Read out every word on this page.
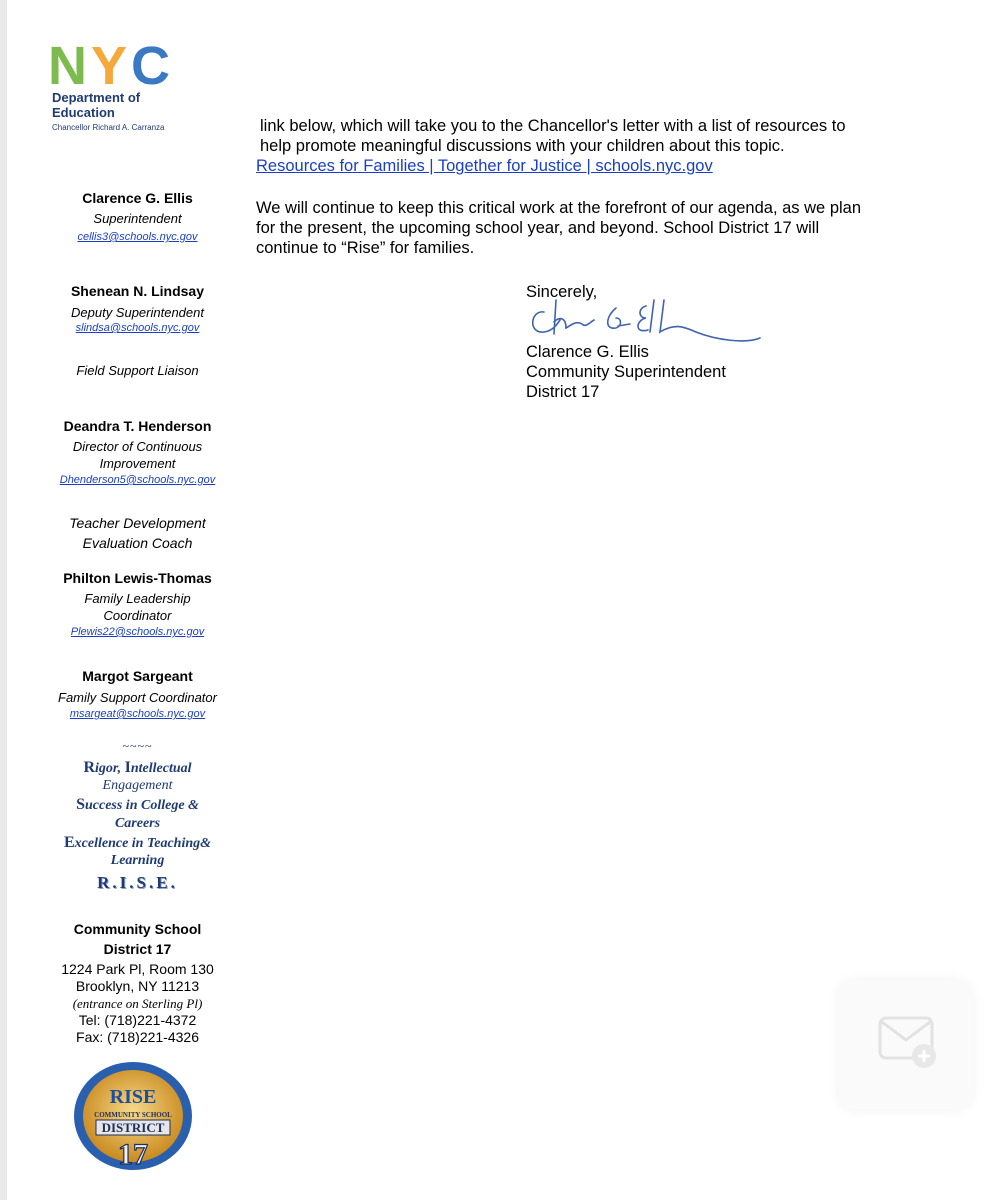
N Y C
Department of
Education
Chancellor Richard A. Carranza
Clarence G. Ellis
Superintendent
cellis3@schools.nyc.gov
Shenean N. Lindsay
Deputy Superintendent
slindsa@schools.nyc.gov
Field Support Liaison
Deandra T. Henderson
Director of Continuous
Improvement
Dhenderson5@schools.nyc.gov
Teacher Development
Evaluation Coach
Philton Lewis-Thomas
Family Leadership
Coordinator
Plewis22@schools.nyc.gov
Margot Sargeant
Family Support Coordinator
msargeat@schools.nyc.gov
~~~~
Rigor, Intellectual
Engagement
Success in College &
Careers
Excellence in Teaching&
Learning
R.I.S.E.
Community School
District 17
1224 Park Pl, Room 130
Brooklyn, NY 11213
(entrance on Sterling Pl)
Tel: (718)221-4372
Fax: (718)221-4326
RISE
COMMUNITY SCHOOL
DISTRICT
17
link below, which will take you to the Chancellor's letter with a list of resources to
help promote meaningful discussions with your children about this topic.
Resources for Families | Together for Justice | schools.nyc.gov
We will continue to keep this critical work at the forefront of our agenda, as we plan
for the present, the upcoming school year, and beyond. School District 17 will
continue to “Rise” for families.
Sincerely,
Clarence G. Ellis
Community Superintendent
District 17
